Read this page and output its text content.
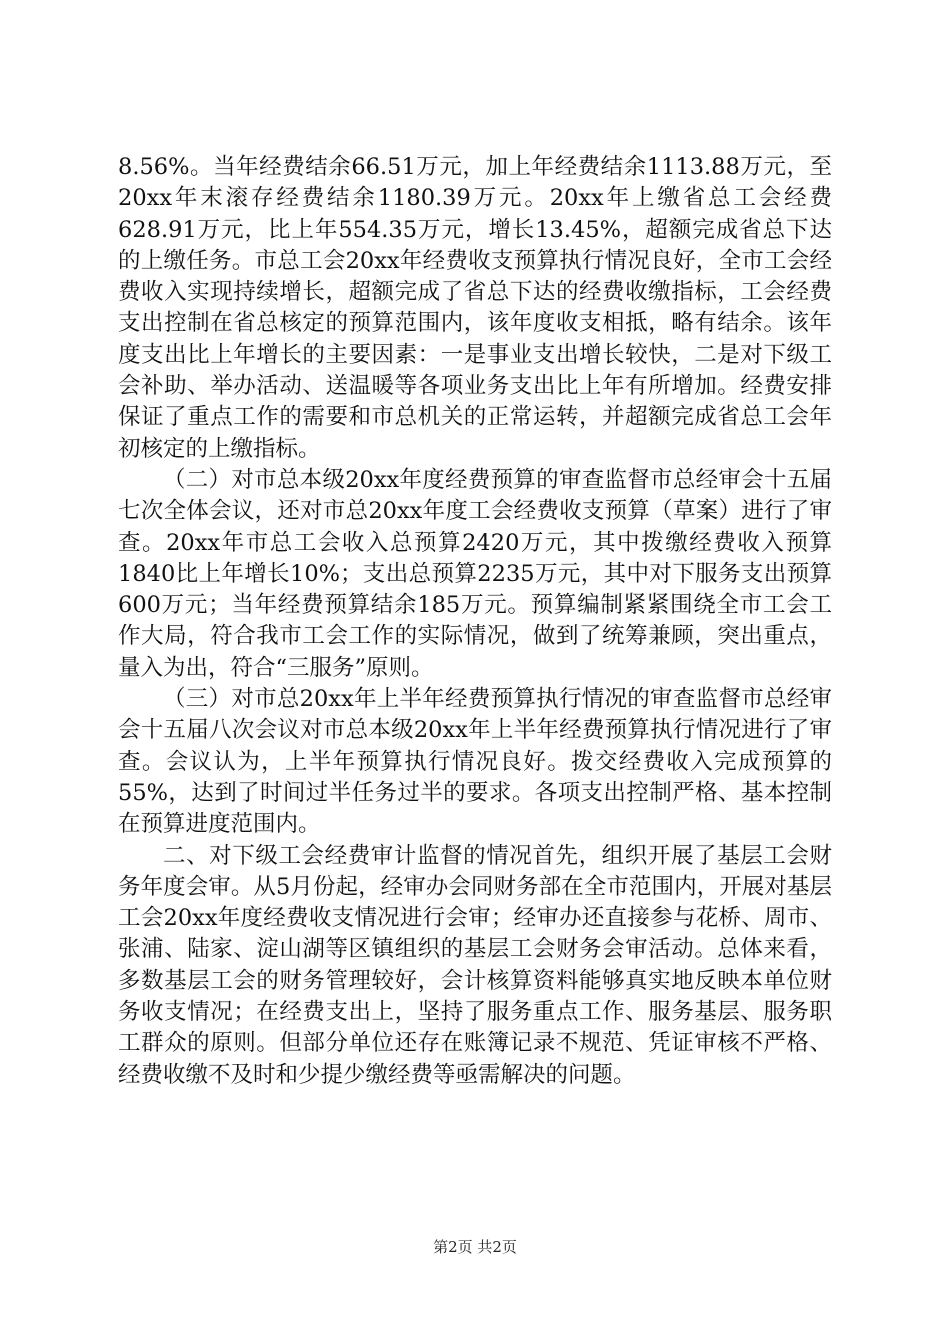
8.56%。当年经费结余66.51万元，加上年经费结余1113.88万元，至20xx年末滚存经费结余1180.39万元。20xx年上缴省总工会经费628.91万元，比上年554.35万元，增长13.45%，超额完成省总下达的上缴任务。市总工会20xx年经费收支预算执行情况良好，全市工会经费收入实现持续增长，超额完成了省总下达的经费收缴指标，工会经费支出控制在省总核定的预算范围内，该年度收支相抵，略有结余。该年度支出比上年增长的主要因素：一是事业支出增长较快，二是对下级工会补助、举办活动、送温暖等各项业务支出比上年有所增加。经费安排保证了重点工作的需要和市总机关的正常运转，并超额完成省总工会年初核定的上缴指标。

（二）对市总本级20xx年度经费预算的审查监督市总经审会十五届七次全体会议，还对市总20xx年度工会经费收支预算（草案）进行了审查。20xx年市总工会收入总预算2420万元，其中拨缴经费收入预算1840比上年增长10%；支出总预算2235万元，其中对下服务支出预算600万元；当年经费预算结余185万元。预算编制紧紧围绕全市工会工作大局，符合我市工会工作的实际情况，做到了统筹兼顾，突出重点，量入为出，符合“三服务”原则。

（三）对市总20xx年上半年经费预算执行情况的审查监督市总经审会十五届八次会议对市总本级20xx年上半年经费预算执行情况进行了审查。会议认为，上半年预算执行情况良好。拨交经费收入完成预算的55%，达到了时间过半任务过半的要求。各项支出控制严格、基本控制在预算进度范围内。

二、对下级工会经费审计监督的情况首先，组织开展了基层工会财务年度会审。从5月份起，经审办会同财务部在全市范围内，开展对基层工会20xx年度经费收支情况进行会审；经审办还直接参与花桥、周市、张浦、陆家、淀山湖等区镇组织的基层工会财务会审活动。总体来看，多数基层工会的财务管理较好，会计核算资料能够真实地反映本单位财务收支情况；在经费支出上，坚持了服务重点工作、服务基层、服务职工群众的原则。但部分单位还存在账簿记录不规范、凭证审核不严格、经费收缴不及时和少提少缴经费等亟需解决的问题。

第2页 共2页
